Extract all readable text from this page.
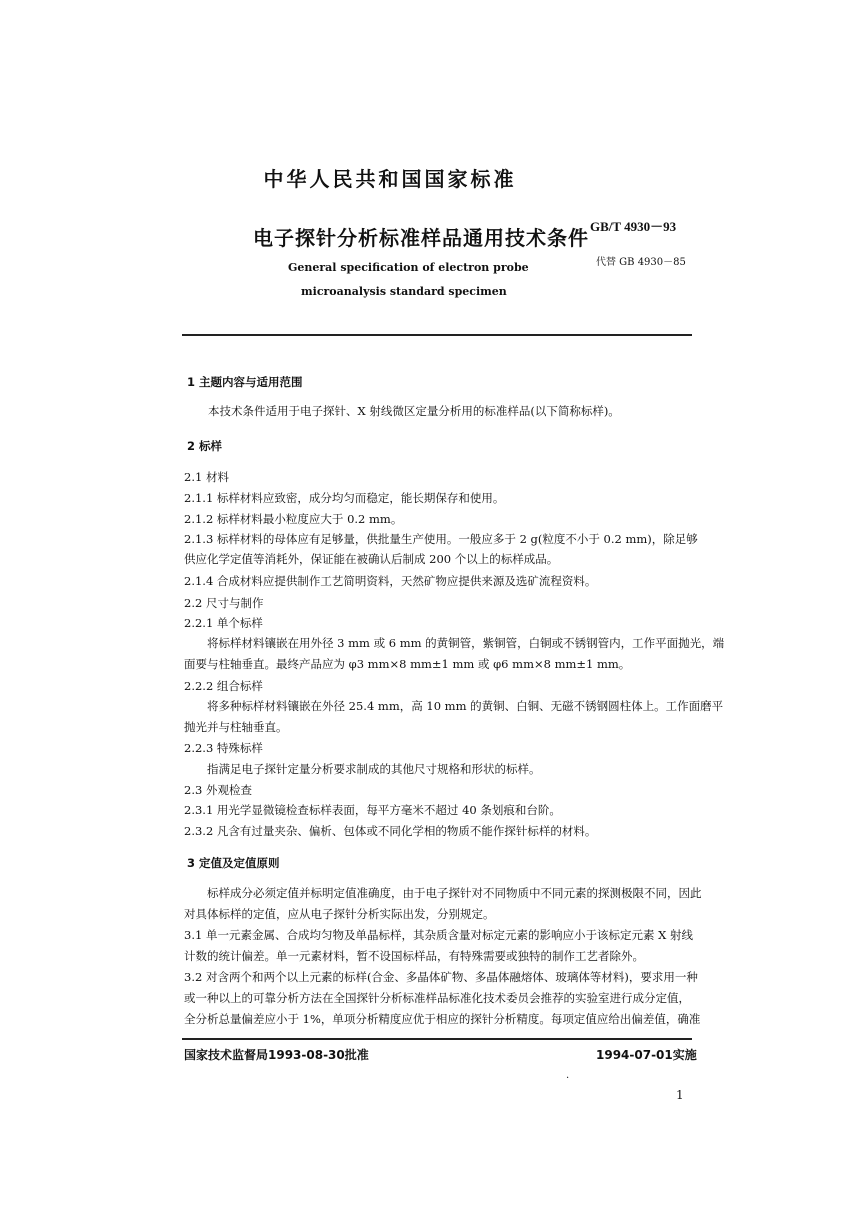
中华人民共和国国家标准
电子探针分析标准样品通用技术条件 GB/T 4930－93
General specification of electron probe	代替 GB 4930－85
microanalysis standard specimen
1 主题内容与适用范围
本技术条件适用于电子探针、X 射线微区定量分析用的标准样品(以下简称标样)。
2 标样
2.1 材料
2.1.1 标样材料应致密，成分均匀而稳定，能长期保存和使用。
2.1.2 标样材料最小粒度应大于 0.2 mm。
2.1.3 标样材料的母体应有足够量，供批量生产使用。一般应多于 2 g(粒度不小于 0.2 mm)，除足够
供应化学定值等消耗外，保证能在被确认后制成 200 个以上的标样成品。
2.1.4 合成材料应提供制作工艺简明资料，天然矿物应提供来源及选矿流程资料。
2.2 尺寸与制作
2.2.1 单个标样
将标样材料镶嵌在用外径 3 mm 或 6 mm 的黄铜管，紫铜管，白铜或不锈钢管内，工作平面抛光，端
面要与柱轴垂直。最终产品应为 φ3 mm×8 mm±1 mm 或 φ6 mm×8 mm±1 mm。
2.2.2 组合标样
将多种标样材料镶嵌在外径 25.4 mm，高 10 mm 的黄铜、白铜、无磁不锈钢圆柱体上。工作面磨平
抛光并与柱轴垂直。
2.2.3 特殊标样
指满足电子探针定量分析要求制成的其他尺寸规格和形状的标样。
2.3 外观检查
2.3.1 用光学显微镜检查标样表面，每平方毫米不超过 40 条划痕和台阶。
2.3.2 凡含有过量夹杂、偏析、包体或不同化学相的物质不能作探针标样的材料。
3 定值及定值原则
标样成分必须定值并标明定值准确度，由于电子探针对不同物质中不同元素的探测极限不同，因此
对具体标样的定值，应从电子探针分析实际出发，分别规定。
3.1 单一元素金属、合成均匀物及单晶标样，其杂质含量对标定元素的影响应小于该标定元素 X 射线
计数的统计偏差。单一元素材料，暂不设国标样品，有特殊需要或独特的制作工艺者除外。
3.2 对含两个和两个以上元素的标样(合金、多晶体矿物、多晶体融熔体、玻璃体等材料)，要求用一种
或一种以上的可靠分析方法在全国探针分析标准样品标准化技术委员会推荐的实验室进行成分定值，
全分析总量偏差应小于 1%，单项分析精度应优于相应的探针分析精度。每项定值应给出偏差值，确准
国家技术监督局1993-08-30批准	1994-07-01实施
.
1
